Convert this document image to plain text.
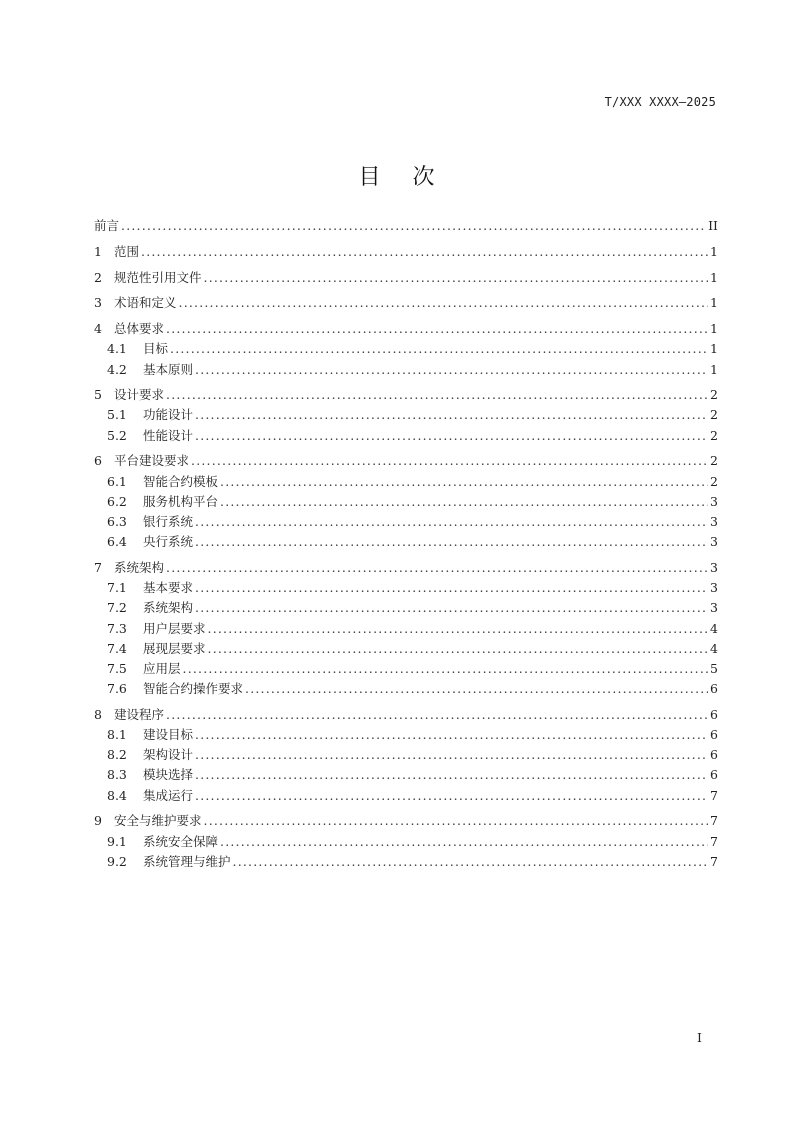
T/XXX XXXX—2025
目次
前言 .....	II
1 范围 .....	1
2 规范性引用文件 .....	1
3 术语和定义 .....	1
4 总体要求 .....	1
4.1	目标 .....	1
4.2	基本原则 .....	1
5 设计要求 .....	2
5.1	功能设计 .....	2
5.2	性能设计 .....	2
6 平台建设要求 .....	2
6.1	智能合约模板 .....	2
6.2	服务机构平台 .....	3
6.3	银行系统 .....	3
6.4	央行系统 .....	3
7 系统架构 .....	3
7.1	基本要求 .....	3
7.2	系统架构 .....	3
7.3	用户层要求 .....	4
7.4	展现层要求 .....	4
7.5	应用层 .....	5
7.6	智能合约操作要求 .....	6
8 建设程序 .....	6
8.1	建设目标 .....	6
8.2	架构设计 .....	6
8.3	模块选择 .....	6
8.4	集成运行 .....	7
9 安全与维护要求 .....	7
9.1	系统安全保障 .....	7
9.2	系统管理与维护 .....	7
I
